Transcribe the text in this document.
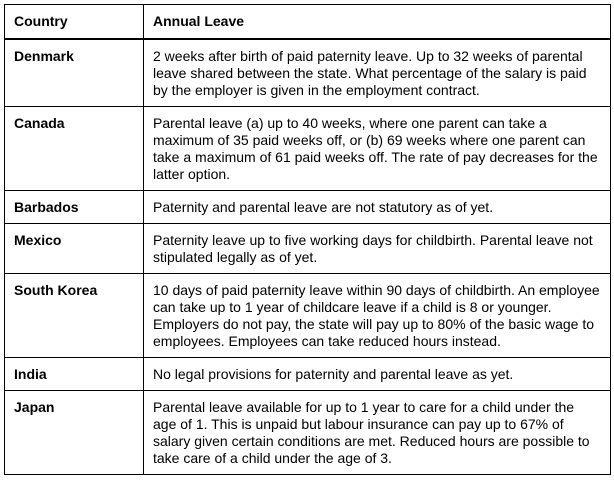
Country	Annual Leave
Denmark	2 weeks after birth of paid paternity leave. Up to 32 weeks of parental leave shared between the state. What percentage of the salary is paid by the employer is given in the employment contract.
Canada	Parental leave (a) up to 40 weeks, where one parent can take a maximum of 35 paid weeks off, or (b) 69 weeks where one parent can take a maximum of 61 paid weeks off. The rate of pay decreases for the latter option.
Barbados	Paternity and parental leave are not statutory as of yet.
Mexico	Paternity leave up to five working days for childbirth. Parental leave not stipulated legally as of yet.
South Korea	10 days of paid paternity leave within 90 days of childbirth. An employee can take up to 1 year of childcare leave if a child is 8 or younger. Employers do not pay, the state will pay up to 80% of the basic wage to employees. Employees can take reduced hours instead.
India	No legal provisions for paternity and parental leave as yet.
Japan	Parental leave available for up to 1 year to care for a child under the age of 1. This is unpaid but labour insurance can pay up to 67% of salary given certain conditions are met. Reduced hours are possible to take care of a child under the age of 3.
